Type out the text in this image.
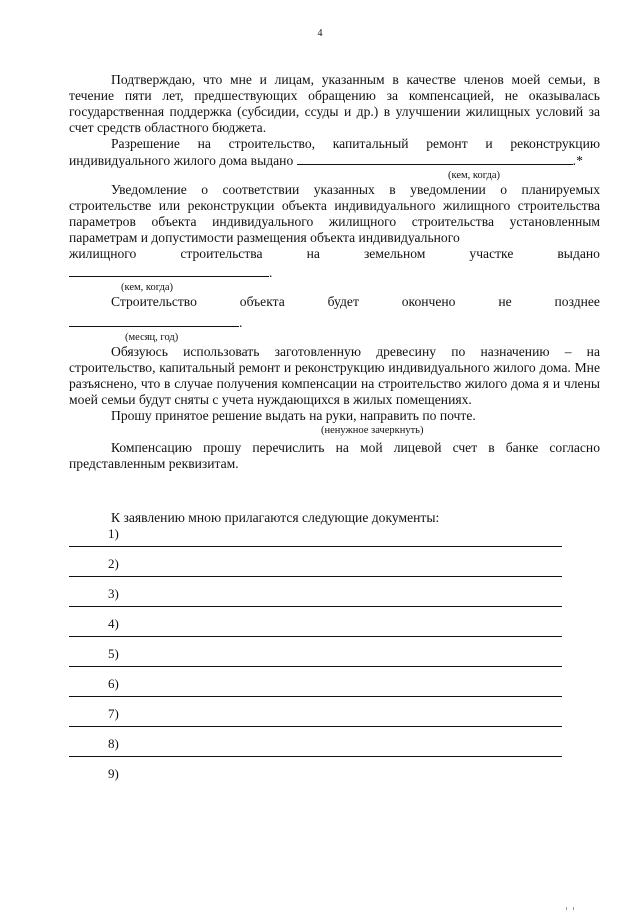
4

Подтверждаю, что мне и лицам, указанным в качестве членов моей семьи, в течение пяти лет, предшествующих обращению за компенсацией, не оказывалась государственная поддержка (субсидии, ссуды и др.) в улучшении жилищных условий за счет средств областного бюджета.

Разрешение на строительство, капитальный ремонт и реконструкцию индивидуального жилого дома выдано	.*

(кем, когда)

Уведомление о соответствии указанных в уведомлении о планируемых строительстве или реконструкции объекта индивидуального жилищного строительства параметров объекта индивидуального жилищного строительства установленным параметрам и допустимости размещения объекта индивидуального

жилищного	строительства	на	земельном	участке	выдано
.
(кем, когда)
Строительство	объекта	будет	окончено	не	позднее
.
(месяц, год)

Обязуюсь использовать заготовленную древесину по назначению – на строительство, капитальный ремонт и реконструкцию индивидуального жилого дома. Мне разъяснено, что в случае получения компенсации на строительство жилого дома я и члены моей семьи будут сняты с учета нуждающихся в жилых помещениях.

Прошу принятое решение выдать на руки, направить по почте.

(ненужное зачеркнуть)

Компенсацию прошу перечислить на мой лицевой счет в банке согласно представленным реквизитам.

К заявлению мною прилагаются следующие документы:

1)
2)
3)
4)
5)
6)
7)
8)
9)
